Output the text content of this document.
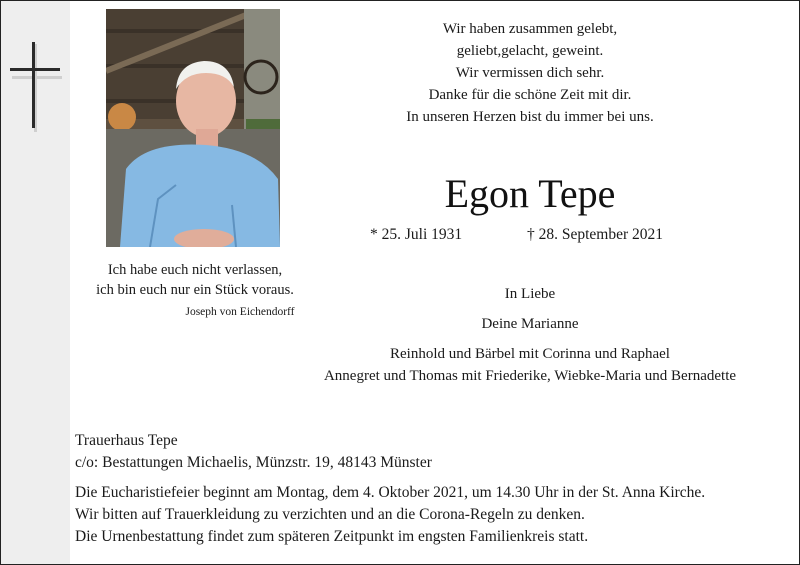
Wir haben zusammen gelebt,
geliebt,gelacht, geweint.
Wir vermissen dich sehr.
Danke für die schöne Zeit mit dir.
In unseren Herzen bist du immer bei uns.
Egon Tepe
* 25. Juli 1931	† 28. September 2021
Ich habe euch nicht verlassen,
ich bin euch nur ein Stück voraus.
Joseph von Eichendorff
In Liebe
Deine Marianne
Reinhold und Bärbel mit Corinna und Raphael
Annegret und Thomas mit Friederike, Wiebke-Maria und Bernadette
Trauerhaus Tepe
c/o: Bestattungen Michaelis, Münzstr. 19, 48143 Münster
Die Eucharistiefeier beginnt am Montag, dem 4. Oktober 2021, um 14.30 Uhr in der St. Anna Kirche.
Wir bitten auf Trauerkleidung zu verzichten und an die Corona-Regeln zu denken.
Die Urnenbestattung findet zum späteren Zeitpunkt im engsten Familienkreis statt.
